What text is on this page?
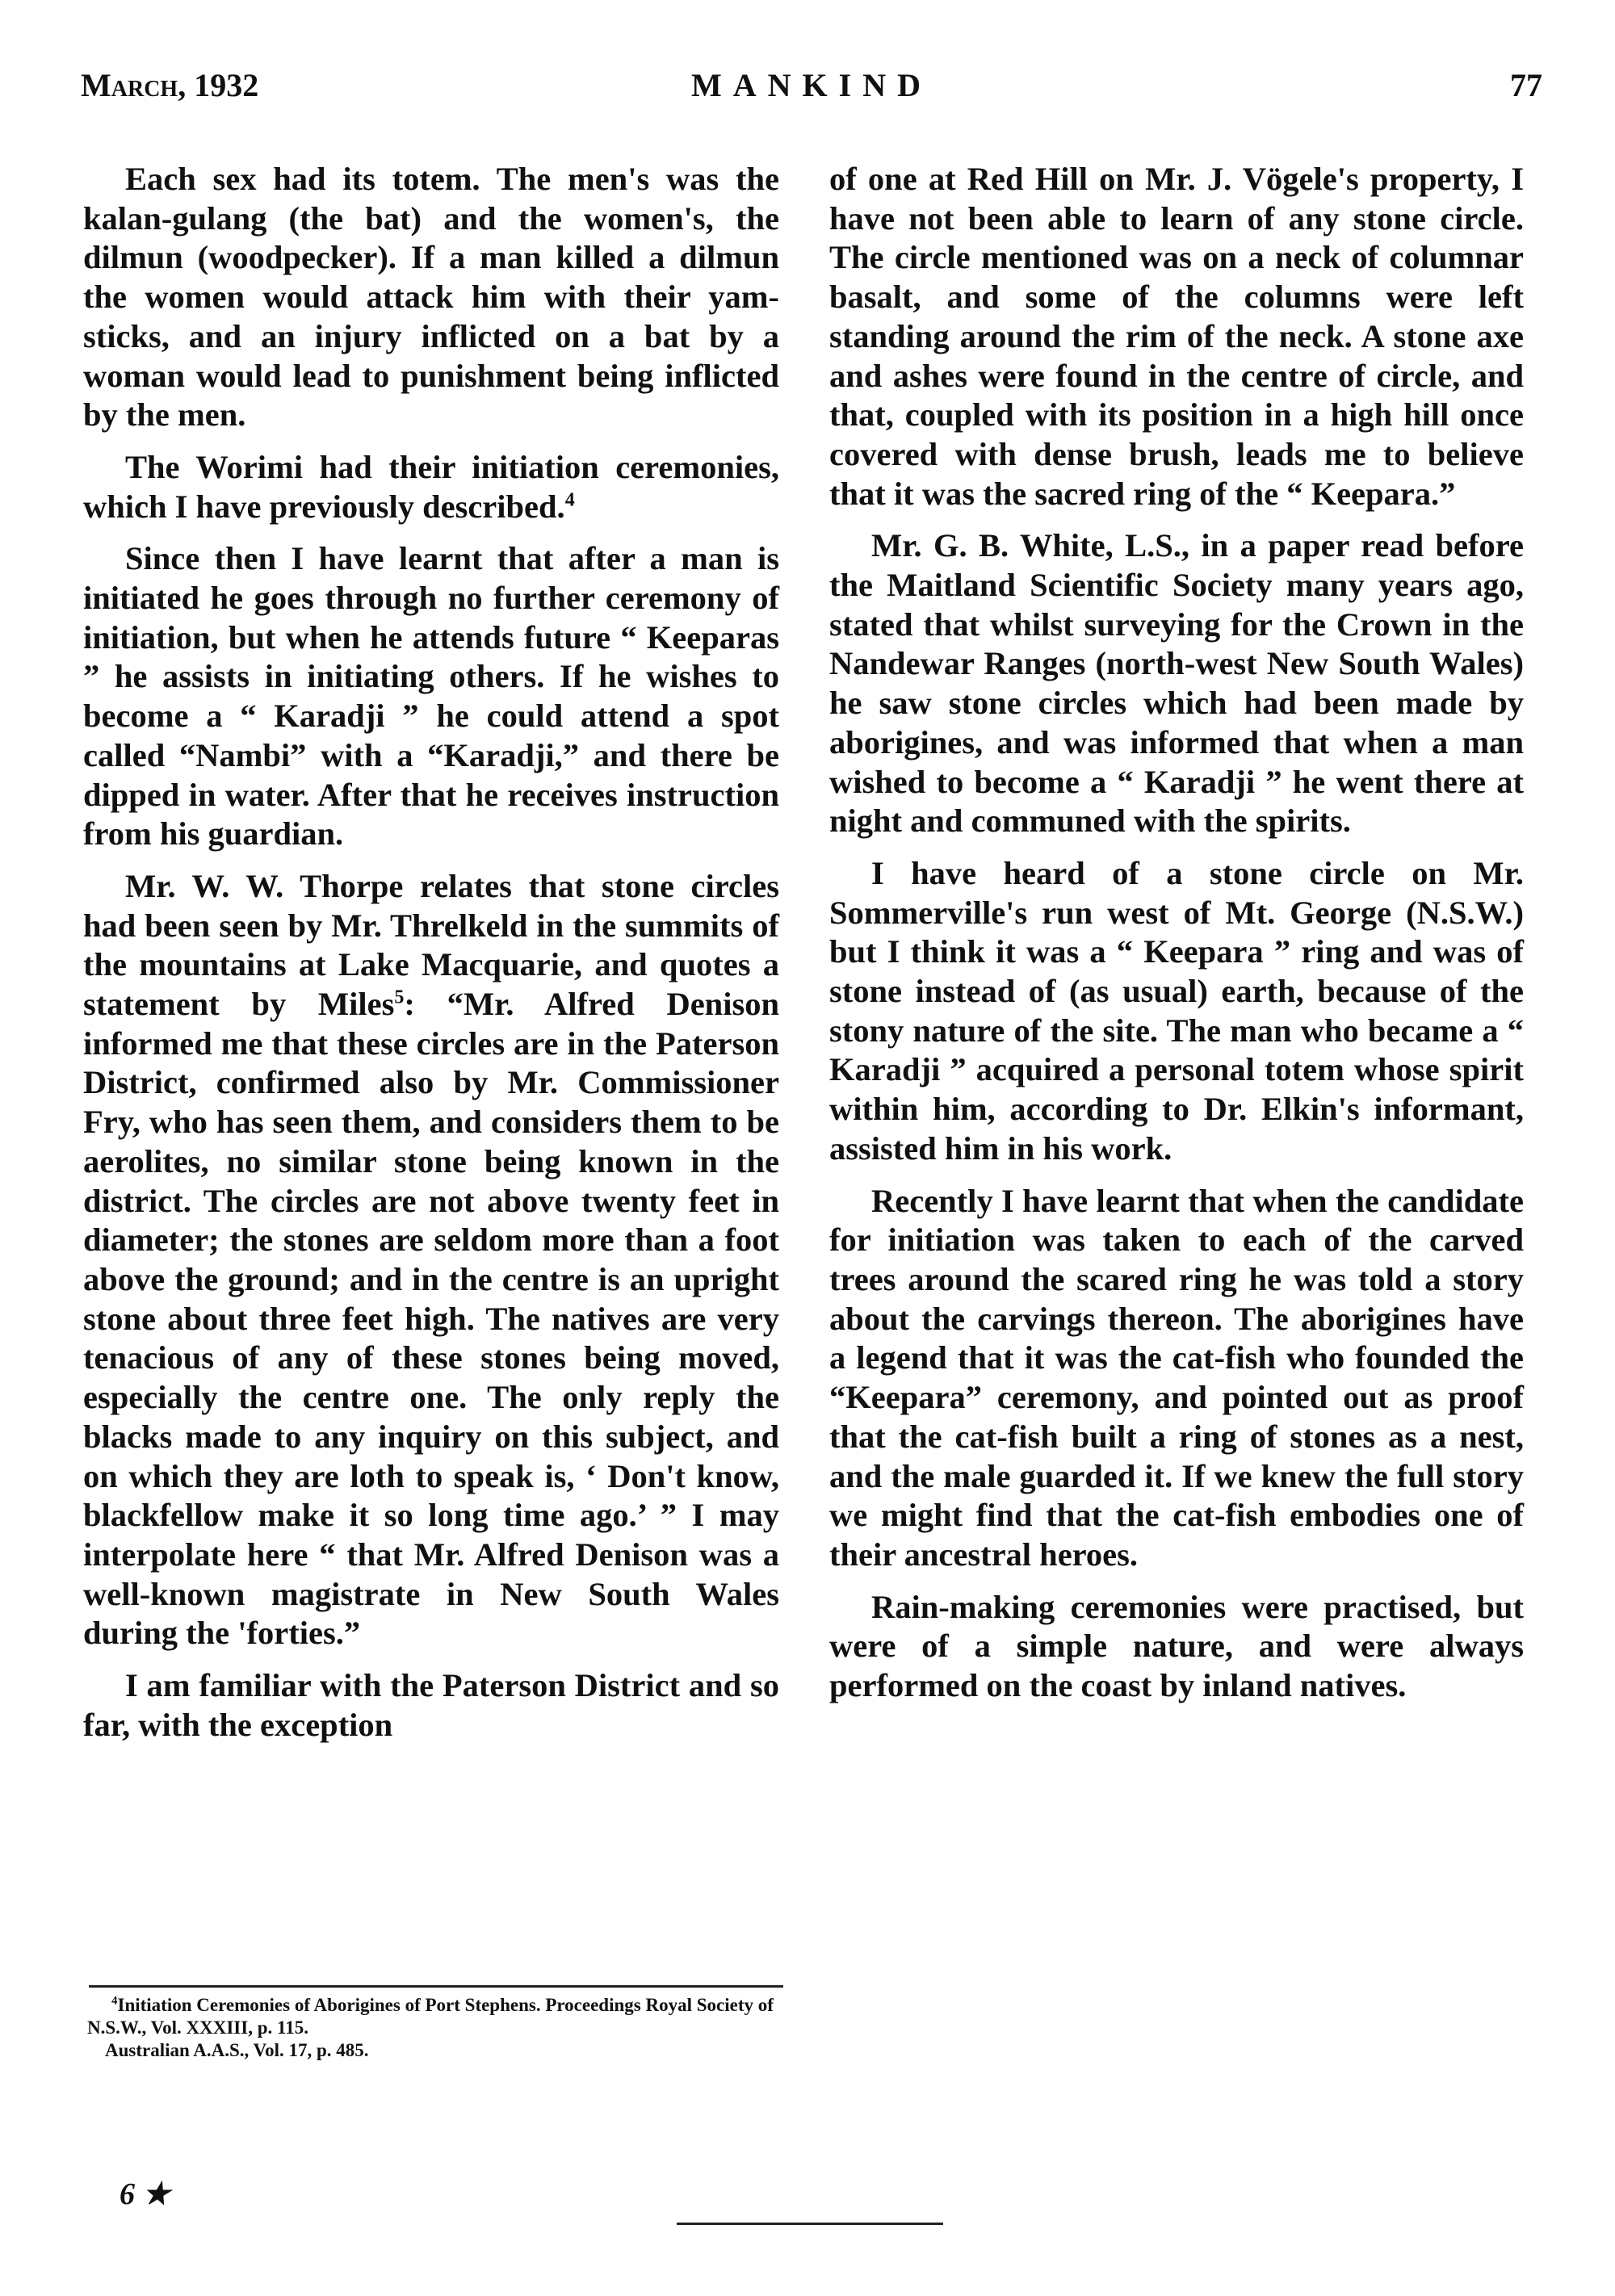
March, 1932	MANKIND	77

Each sex had its totem. The men's was the kalan-gulang (the bat) and the women's, the dilmun (woodpecker). If a man killed a dilmun the women would attack him with their yam-sticks, and an injury inflicted on a bat by a woman would lead to punishment being inflicted by the men.

The Worimi had their initiation ceremonies, which I have previously described.$^4$

Since then I have learnt that after a man is initiated he goes through no further ceremony of initiation, but when he attends future “ Keeparas ” he assists in initiating others. If he wishes to become a “ Karadji ” he could attend a spot called “Nambi” with a “Karadji,” and there be dipped in water. After that he receives instruction from his guardian.

Mr. W. W. Thorpe relates that stone circles had been seen by Mr. Threlkeld in the summits of the mountains at Lake Macquarie, and quotes a statement by Miles$^5$: “Mr. Alfred Denison informed me that these circles are in the Paterson District, confirmed also by Mr. Commissioner Fry, who has seen them, and considers them to be aerolites, no similar stone being known in the district. The circles are not above twenty feet in diameter; the stones are seldom more than a foot above the ground; and in the centre is an upright stone about three feet high. The natives are very tenacious of any of these stones being moved, especially the centre one. The only reply the blacks made to any inquiry on this subject, and on which they are loth to speak is, ‘ Don't know, blackfellow make it so long time ago.’ ” I may interpolate here “ that Mr. Alfred Denison was a well-known magistrate in New South Wales during the 'forties.”

I am familiar with the Paterson District and so far, with the exception

of one at Red Hill on Mr. J. Vögele's property, I have not been able to learn of any stone circle. The circle mentioned was on a neck of columnar basalt, and some of the columns were left standing around the rim of the neck. A stone axe and ashes were found in the centre of circle, and that, coupled with its position in a high hill once covered with dense brush, leads me to believe that it was the sacred ring of the “ Keepara.”

Mr. G. B. White, L.S., in a paper read before the Maitland Scientific Society many years ago, stated that whilst surveying for the Crown in the Nandewar Ranges (north-west New South Wales) he saw stone circles which had been made by aborigines, and was informed that when a man wished to become a “ Karadji ” he went there at night and communed with the spirits.

I have heard of a stone circle on Mr. Sommerville's run west of Mt. George (N.S.W.) but I think it was a “ Keepara ” ring and was of stone instead of (as usual) earth, because of the stony nature of the site. The man who became a “ Karadji ” acquired a personal totem whose spirit within him, according to Dr. Elkin's informant, assisted him in his work.

Recently I have learnt that when the candidate for initiation was taken to each of the carved trees around the scared ring he was told a story about the carvings thereon. The aborigines have a legend that it was the cat-fish who founded the “Keepara” ceremony, and pointed out as proof that the cat-fish built a ring of stones as a nest, and the male guarded it. If we knew the full story we might find that the cat-fish embodies one of their ancestral heroes.

Rain-making ceremonies were practised, but were of a simple nature, and were always performed on the coast by inland natives.

$^4$Initiation Ceremonies of Aborigines of Port Stephens. Proceedings Royal Society of N.S.W., Vol. XXXIII, p. 115.
Australian A.A.S., Vol. 17, p. 485.
6 ★
